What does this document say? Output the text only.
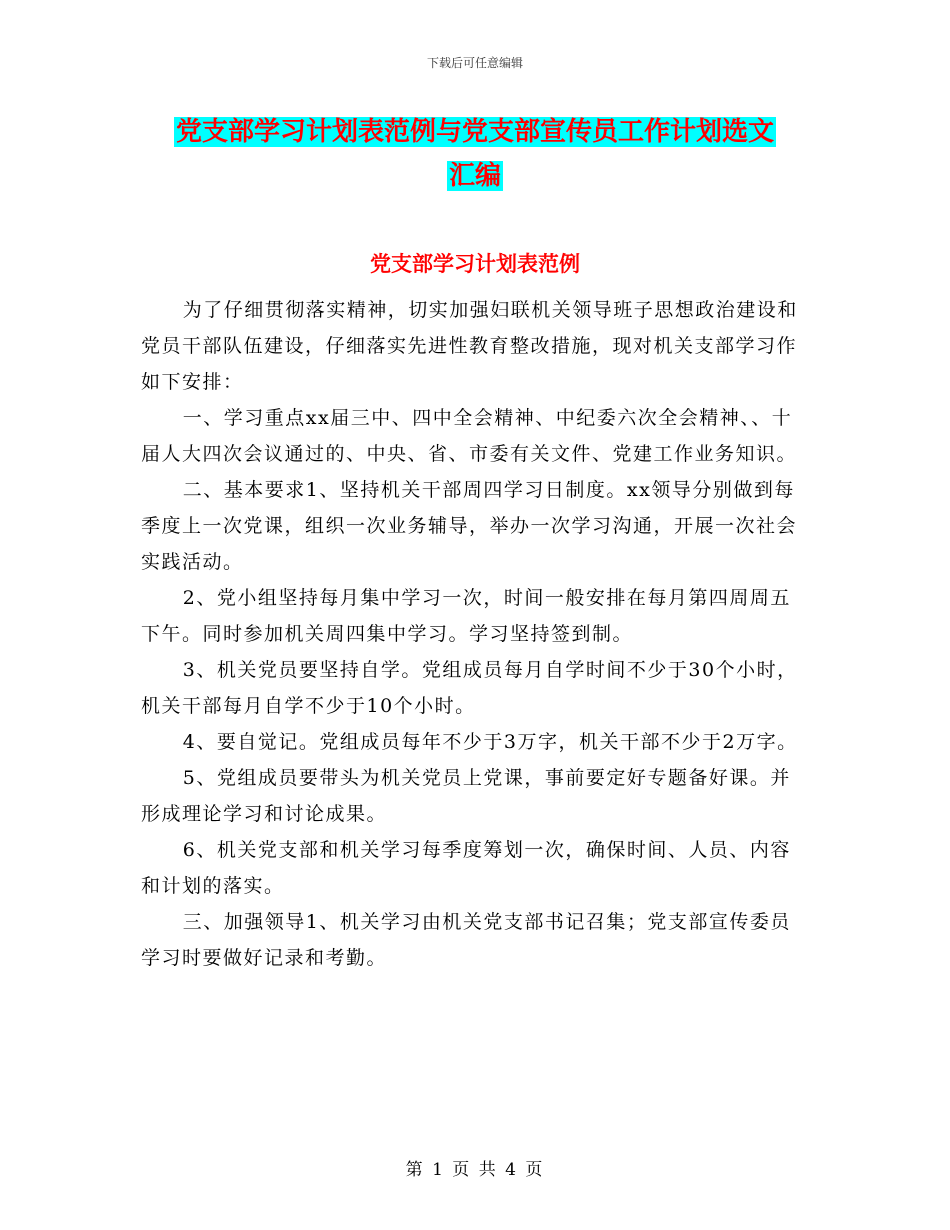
下载后可任意编辑
党支部学习计划表范例与党支部宣传员工作计划选文
汇编
党支部学习计划表范例

为了仔细贯彻落实精神，切实加强妇联机关领导班子思想政治建设和党员干部队伍建设，仔细落实先进性教育整改措施，现对机关支部学习作如下安排：

一、学习重点xx届三中、四中全会精神、中纪委六次全会精神、、十届人大四次会议通过的、中央、省、市委有关文件、党建工作业务知识。

二、基本要求1、坚持机关干部周四学习日制度。xx领导分别做到每季度上一次党课，组织一次业务辅导，举办一次学习沟通，开展一次社会实践活动。

2、党小组坚持每月集中学习一次，时间一般安排在每月第四周周五下午。同时参加机关周四集中学习。学习坚持签到制。

3、机关党员要坚持自学。党组成员每月自学时间不少于30个小时，机关干部每月自学不少于10个小时。

4、要自觉记。党组成员每年不少于3万字，机关干部不少于2万字。

5、党组成员要带头为机关党员上党课，事前要定好专题备好课。并形成理论学习和讨论成果。

6、机关党支部和机关学习每季度筹划一次，确保时间、人员、内容和计划的落实。

三、加强领导1、机关学习由机关党支部书记召集；党支部宣传委员学习时要做好记录和考勤。

第 1 页 共 4 页
